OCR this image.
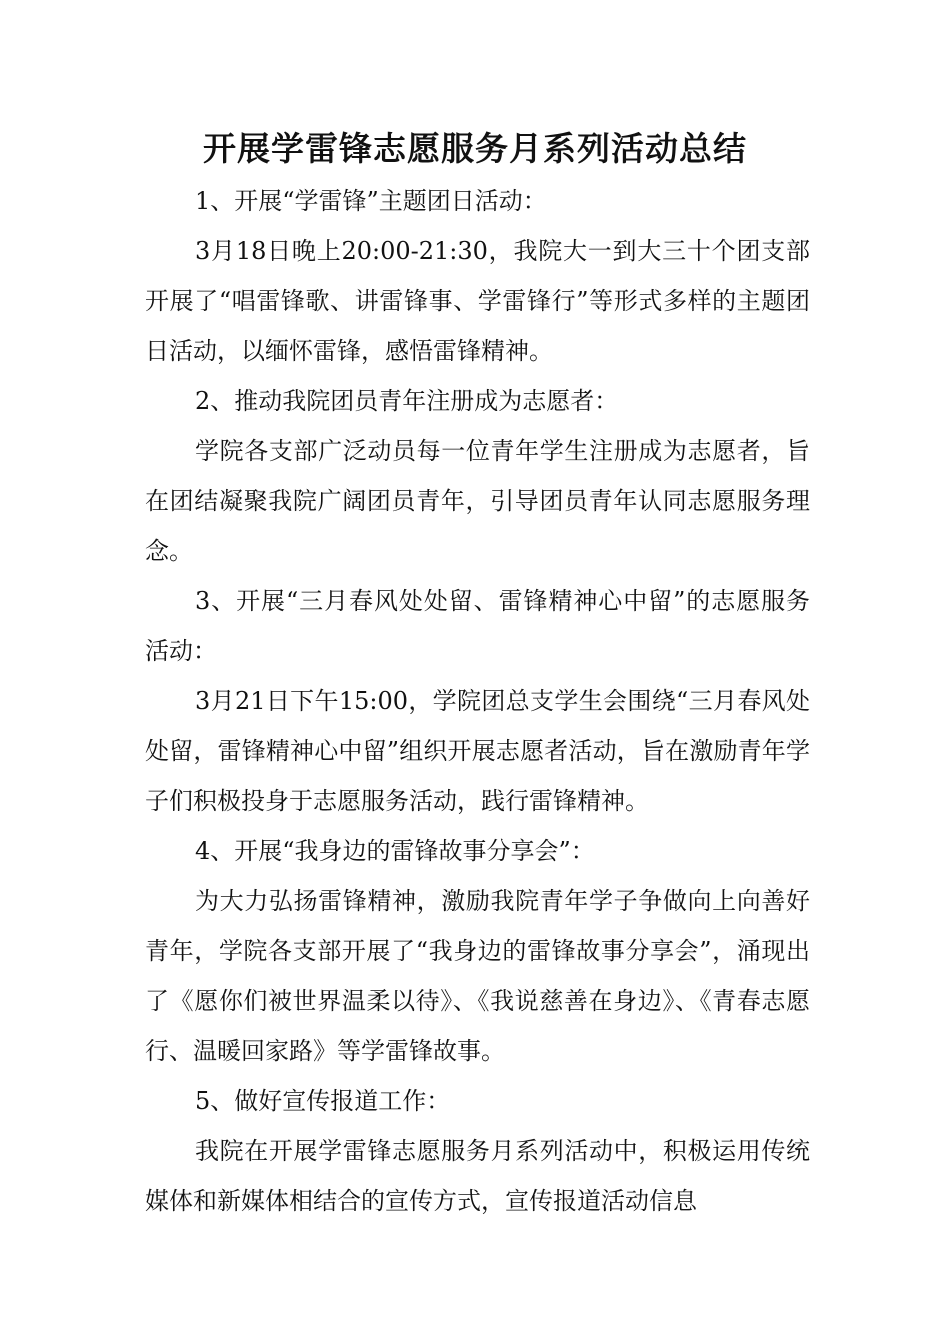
开展学雷锋志愿服务月系列活动总结

1、开展“学雷锋”主题团日活动：

3月18日晚上20:00-21:30，我院大一到大三十个团支部开展了“唱雷锋歌、讲雷锋事、学雷锋行”等形式多样的主题团日活动，以缅怀雷锋，感悟雷锋精神。

2、推动我院团员青年注册成为志愿者：

学院各支部广泛动员每一位青年学生注册成为志愿者，旨在团结凝聚我院广阔团员青年，引导团员青年认同志愿服务理念。

3、开展“三月春风处处留、雷锋精神心中留”的志愿服务活动：

3月21日下午15:00，学院团总支学生会围绕“三月春风处处留，雷锋精神心中留”组织开展志愿者活动，旨在激励青年学子们积极投身于志愿服务活动，践行雷锋精神。

4、开展“我身边的雷锋故事分享会”：

为大力弘扬雷锋精神，激励我院青年学子争做向上向善好青年，学院各支部开展了“我身边的雷锋故事分享会”，涌现出了《愿你们被世界温柔以待》、《我说慈善在身边》、《青春志愿行、温暖回家路》等学雷锋故事。

5、做好宣传报道工作：

我院在开展学雷锋志愿服务月系列活动中，积极运用传统媒体和新媒体相结合的宣传方式，宣传报道活动信息
